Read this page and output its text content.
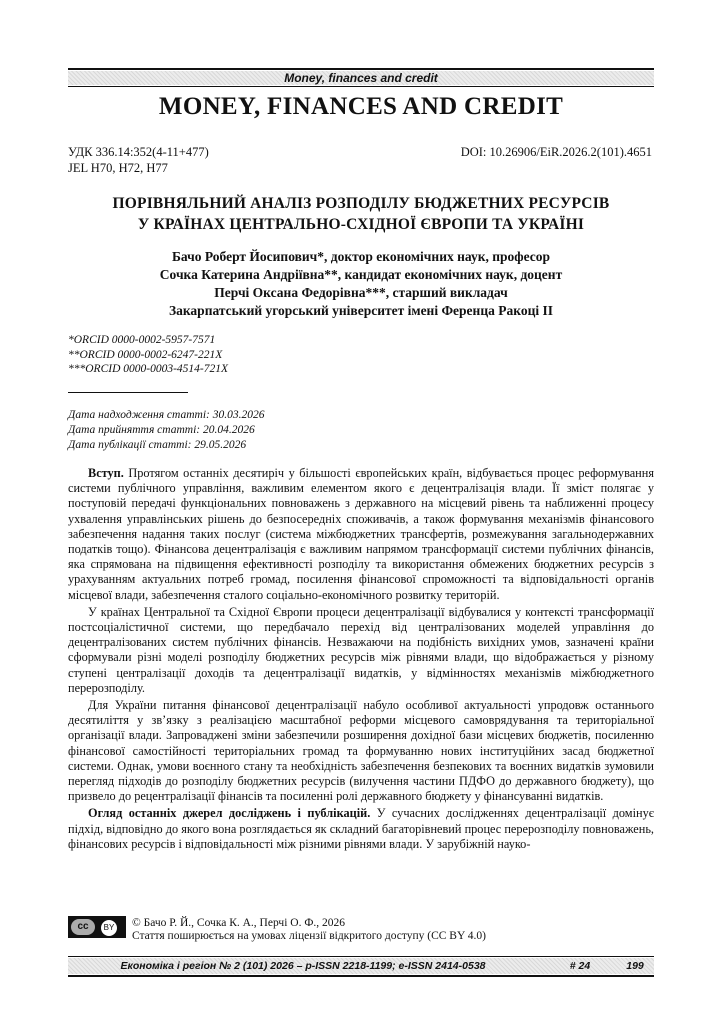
Money, finances and credit
MONEY, FINANCES AND CREDIT
УДК 336.14:352(4-11+477)
JEL H70, H72, H77
DOI: 10.26906/EiR.2026.2(101).4651
ПОРІВНЯЛЬНИЙ АНАЛІЗ РОЗПОДІЛУ БЮДЖЕТНИХ РЕСУРСІВ
У КРАЇНАХ ЦЕНТРАЛЬНО-СХІДНОЇ ЄВРОПИ ТА УКРАЇНІ
Бачо Роберт Йосипович*, доктор економічних наук, професор
Сочка Катерина Андріївна**, кандидат економічних наук, доцент
Перчі Оксана Федорівна***, старший викладач
Закарпатський угорський університет імені Ференца Ракоці II
*ORCID 0000-0002-5957-7571
**ORCID 0000-0002-6247-221X
***ORCID 0000-0003-4514-721X
Дата надходження статті: 30.03.2026
Дата прийняття статті: 20.04.2026
Дата публікації статті: 29.05.2026

Вступ. Протягом останніх десятиріч у більшості європейських країн, відбувається процес реформування системи публічного управління, важливим елементом якого є децентралізація влади. Її зміст полягає у поступовій передачі функціональних повноважень з державного на місцевий рівень та наближенні процесу ухвалення управлінських рішень до безпосередніх споживачів, а також формування механізмів фінансового забезпечення надання таких послуг (система міжбюджетних трансфертів, розмежування загальнодержавних податків тощо). Фінансова децентралізація є важливим напрямом трансформації системи публічних фінансів, яка спрямована на підвищення ефективності розподілу та використання обмежених бюджетних ресурсів з урахуванням актуальних потреб громад, посилення фінансової спроможності та відповідальності органів місцевої влади, забезпечення сталого соціально-економічного розвитку територій.

У країнах Центральної та Східної Європи процеси децентралізації відбувалися у контексті трансформації постсоціалістичної системи, що передбачало перехід від централізованих моделей управління до децентралізованих систем публічних фінансів. Незважаючи на подібність вихідних умов, зазначені країни сформували різні моделі розподілу бюджетних ресурсів між рівнями влади, що відображається у різному ступені централізації доходів та децентралізації видатків, у відмінностях механізмів міжбюджетного перерозподілу.

Для України питання фінансової децентралізації набуло особливої актуальності упродовж останнього десятиліття у зв’язку з реалізацією масштабної реформи місцевого самоврядування та територіальної організації влади. Запроваджені зміни забезпечили розширення дохідної бази місцевих бюджетів, посиленню фінансової самостійності територіальних громад та формуванню нових інституційних засад бюджетної системи. Однак, умови воєнного стану та необхідність забезпечення безпекових та воєнних видатків зумовили перегляд підходів до розподілу бюджетних ресурсів (вилучення частини ПДФО до державного бюджету), що призвело до рецентралізації фінансів та посиленні ролі державного бюджету у фінансуванні видатків.

Огляд останніх джерел досліджень і публікацій. У сучасних дослідженнях децентралізації домінує підхід, відповідно до якого вона розглядається як складний багаторівневий процес перерозподілу повноважень, фінансових ресурсів і відповідальності між різними рівнями влади. У зарубіжній науко-

cc	BY © Бачо Р. Й., Сочка К. А., Перчі О. Ф., 2026
Стаття поширюється на умовах ліцензії відкритого доступу (CC BY 4.0)
Економіка і регіон № 2 (101) 2026 – p-ISSN 2218-1199; e-ISSN 2414-0538	# 24	199
